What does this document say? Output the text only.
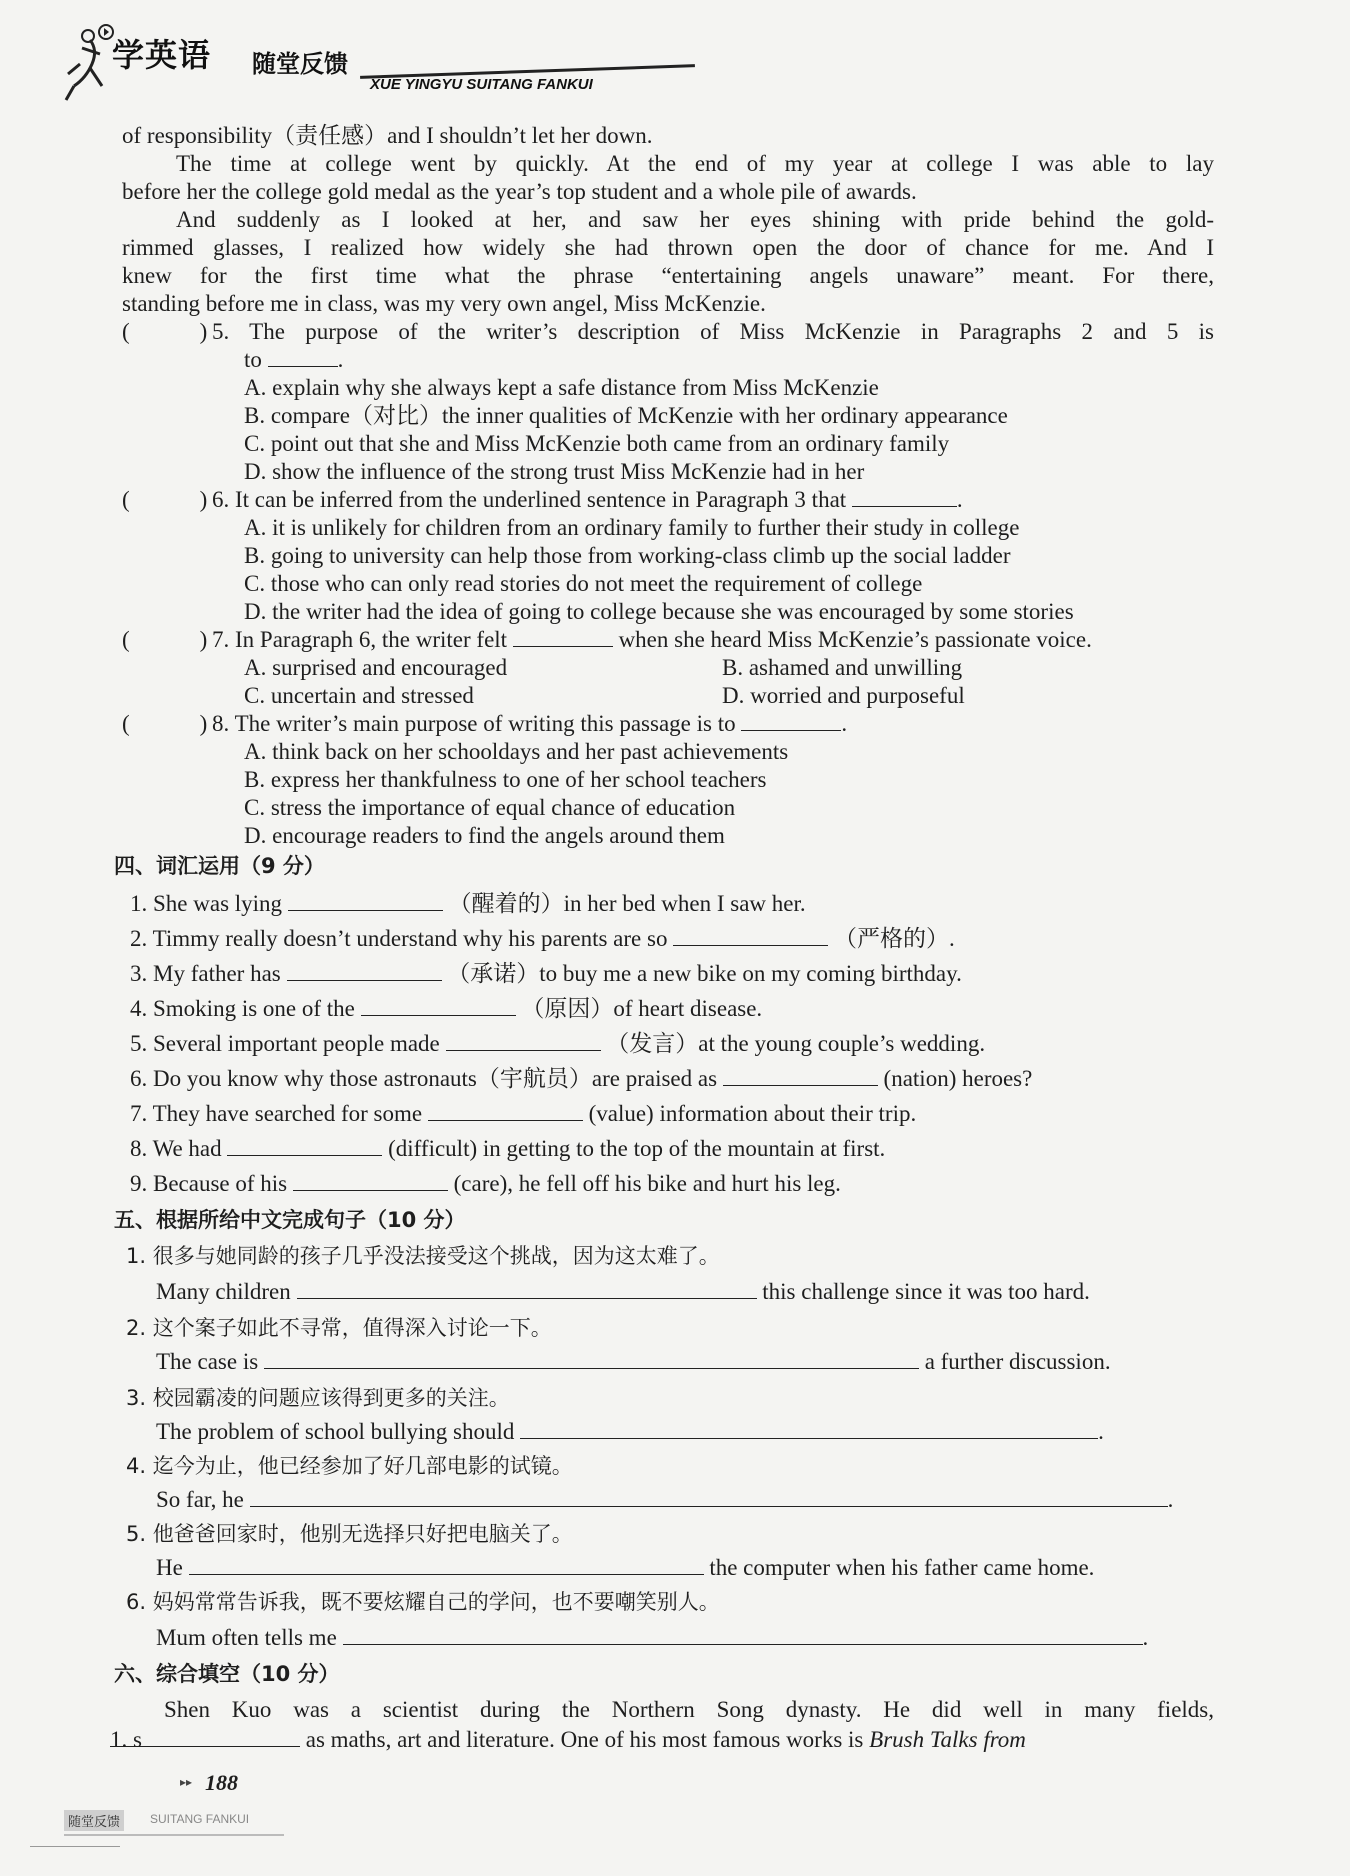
学英语 随堂反馈
XUE YINGYU SUITANG FANKUI
of responsibility（责任感）and I shouldn’t let her down.
The time at college went by quickly. At the end of my year at college I was able to lay
before her the college gold medal as the year’s top student and a whole pile of awards.
And suddenly as I looked at her, and saw her eyes shining with pride behind the gold-
rimmed glasses, I realized how widely she had thrown open the door of chance for me. And I
knew for the first time what the phrase “entertaining angels unaware” meant. For there,
standing before me in class, was my very own angel, Miss McKenzie.
(	) 5. The purpose of the writer’s description of Miss McKenzie in Paragraphs 2 and 5 is
to	.
A. explain why she always kept a safe distance from Miss McKenzie
B. compare（对比）the inner qualities of McKenzie with her ordinary appearance
C. point out that she and Miss McKenzie both came from an ordinary family
D. show the influence of the strong trust Miss McKenzie had in her
(	) 6. It can be inferred from the underlined sentence in Paragraph 3 that	.
A. it is unlikely for children from an ordinary family to further their study in college
B. going to university can help those from working-class climb up the social ladder
C. those who can only read stories do not meet the requirement of college
D. the writer had the idea of going to college because she was encouraged by some stories
(	) 7. In Paragraph 6, the writer felt	when she heard Miss McKenzie’s passionate voice.
A. surprised and encouraged	B. ashamed and unwilling
C. uncertain and stressed	D. worried and purposeful
(	) 8. The writer’s main purpose of writing this passage is to	.
A. think back on her schooldays and her past achievements
B. express her thankfulness to one of her school teachers
C. stress the importance of equal chance of education
D. encourage readers to find the angels around them
四、词汇运用（9 分）
1. She was lying	（醒着的）in her bed when I saw her.
2. Timmy really doesn’t understand why his parents are so	（严格的）.
3. My father has	（承诺）to buy me a new bike on my coming birthday.
4. Smoking is one of the	（原因）of heart disease.
5. Several important people made	（发言）at the young couple’s wedding.
6. Do you know why those astronauts（宇航员）are praised as	(nation) heroes?
7. They have searched for some	(value) information about their trip.
8. We had	(difficult) in getting to the top of the mountain at first.
9. Because of his	(care), he fell off his bike and hurt his leg.
五、根据所给中文完成句子（10 分）
1. 很多与她同龄的孩子几乎没法接受这个挑战，因为这太难了。
Many children	this challenge since it was too hard.
2. 这个案子如此不寻常，值得深入讨论一下。
The case is	a further discussion.
3. 校园霸凌的问题应该得到更多的关注。
The problem of school bullying should	.
4. 迄今为止，他已经参加了好几部电影的试镜。
So far, he	.
5. 他爸爸回家时，他别无选择只好把电脑关了。
He	the computer when his father came home.
6. 妈妈常常告诉我，既不要炫耀自己的学问，也不要嘲笑别人。
Mum often tells me	.
六、综合填空（10 分）
Shen Kuo was a scientist during the Northern Song dynasty. He did well in many fields,
1. s	as maths, art and literature. One of his most famous works is Brush Talks from
▸▸ 188
随堂反馈	SUITANG FANKUI
